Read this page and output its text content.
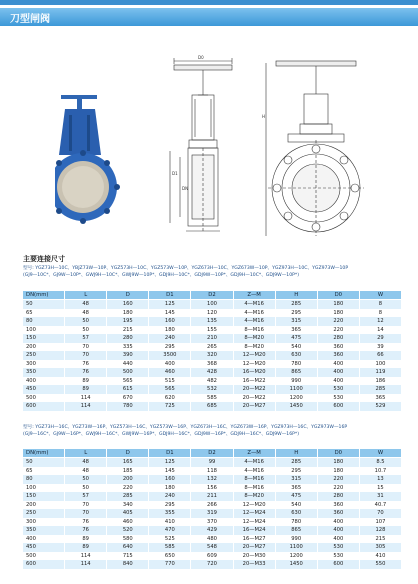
刀型闸阀
D0
D1
DN
H
主要连接尺寸
型号: YGZ73H—10C、YBJZ73W—10P、YGZ573H—10C、YGZ573W—10P、YGZ673H—10C、YGZ673W—10P、YGZ973H—10C、YGZ973W—10P
(GJ9—10C*、GJ9W—10P*、GWJ9H—10C*、GWJ9W—10P*、GDJ9H—10C*、GDJ9W—10P*、GDJ9H—10C*、GDJ9W—10P*)
DN(mm)	L	D	D1	D2	Z—M	H	D0	W
50	48	160	125	100	4—M16	285	180	8
65	48	180	145	120	4—M16	295	180	8
80	50	195	160	135	4—M16	315	220	12
100	50	215	180	155	8—M16	365	220	14
150	57	280	240	210	8—M20	475	280	29
200	70	335	295	265	8—M20	540	360	39
250	70	390	3500	320	12—M20	630	360	66
300	76	440	400	368	12—M20	780	400	100
350	76	500	460	428	16—M20	865	400	119
400	89	565	515	482	16—M22	990	400	186
450	89	615	565	532	20—M22	1100	530	285
500	114	670	620	585	20—M22	1200	530	365
600	114	780	725	685	20—M27	1450	600	529
型号: YGZ73H—16C、YGZ73W—16P、YGZ573H—16C、YGZ573W—16P、YGZ673H—16C、YGZ673W—16P、YGZ973H—16C、YGZ973W—16P
(GJ9—16C*、GJ9W—16P*、GWJ9H—16C*、GWJ9W—16P*、GDJ9H—16C*、GDJ9W—16P*、GDJ9H—16C*、GDJ9W—16P*)
DN(mm)	L	D	D1	D2	Z—M	H	D0	W
50	48	165	125	99	4—M16	285	180	8.5
65	48	185	145	118	4—M16	295	180	10.7
80	50	200	160	132	8—M16	315	220	13
100	50	220	180	156	8—M16	365	220	15
150	57	285	240	211	8—M20	475	280	31
200	70	340	295	266	12—M20	540	360	40.7
250	70	405	355	319	12—M24	630	360	70
300	76	460	410	370	12—M24	780	400	107
350	76	520	470	429	16—M24	865	400	128
400	89	580	525	480	16—M27	990	400	215
450	89	640	585	548	20—M27	1100	530	305
500	114	715	650	609	20—M30	1200	530	410
600	114	840	770	720	20—M33	1450	600	550
